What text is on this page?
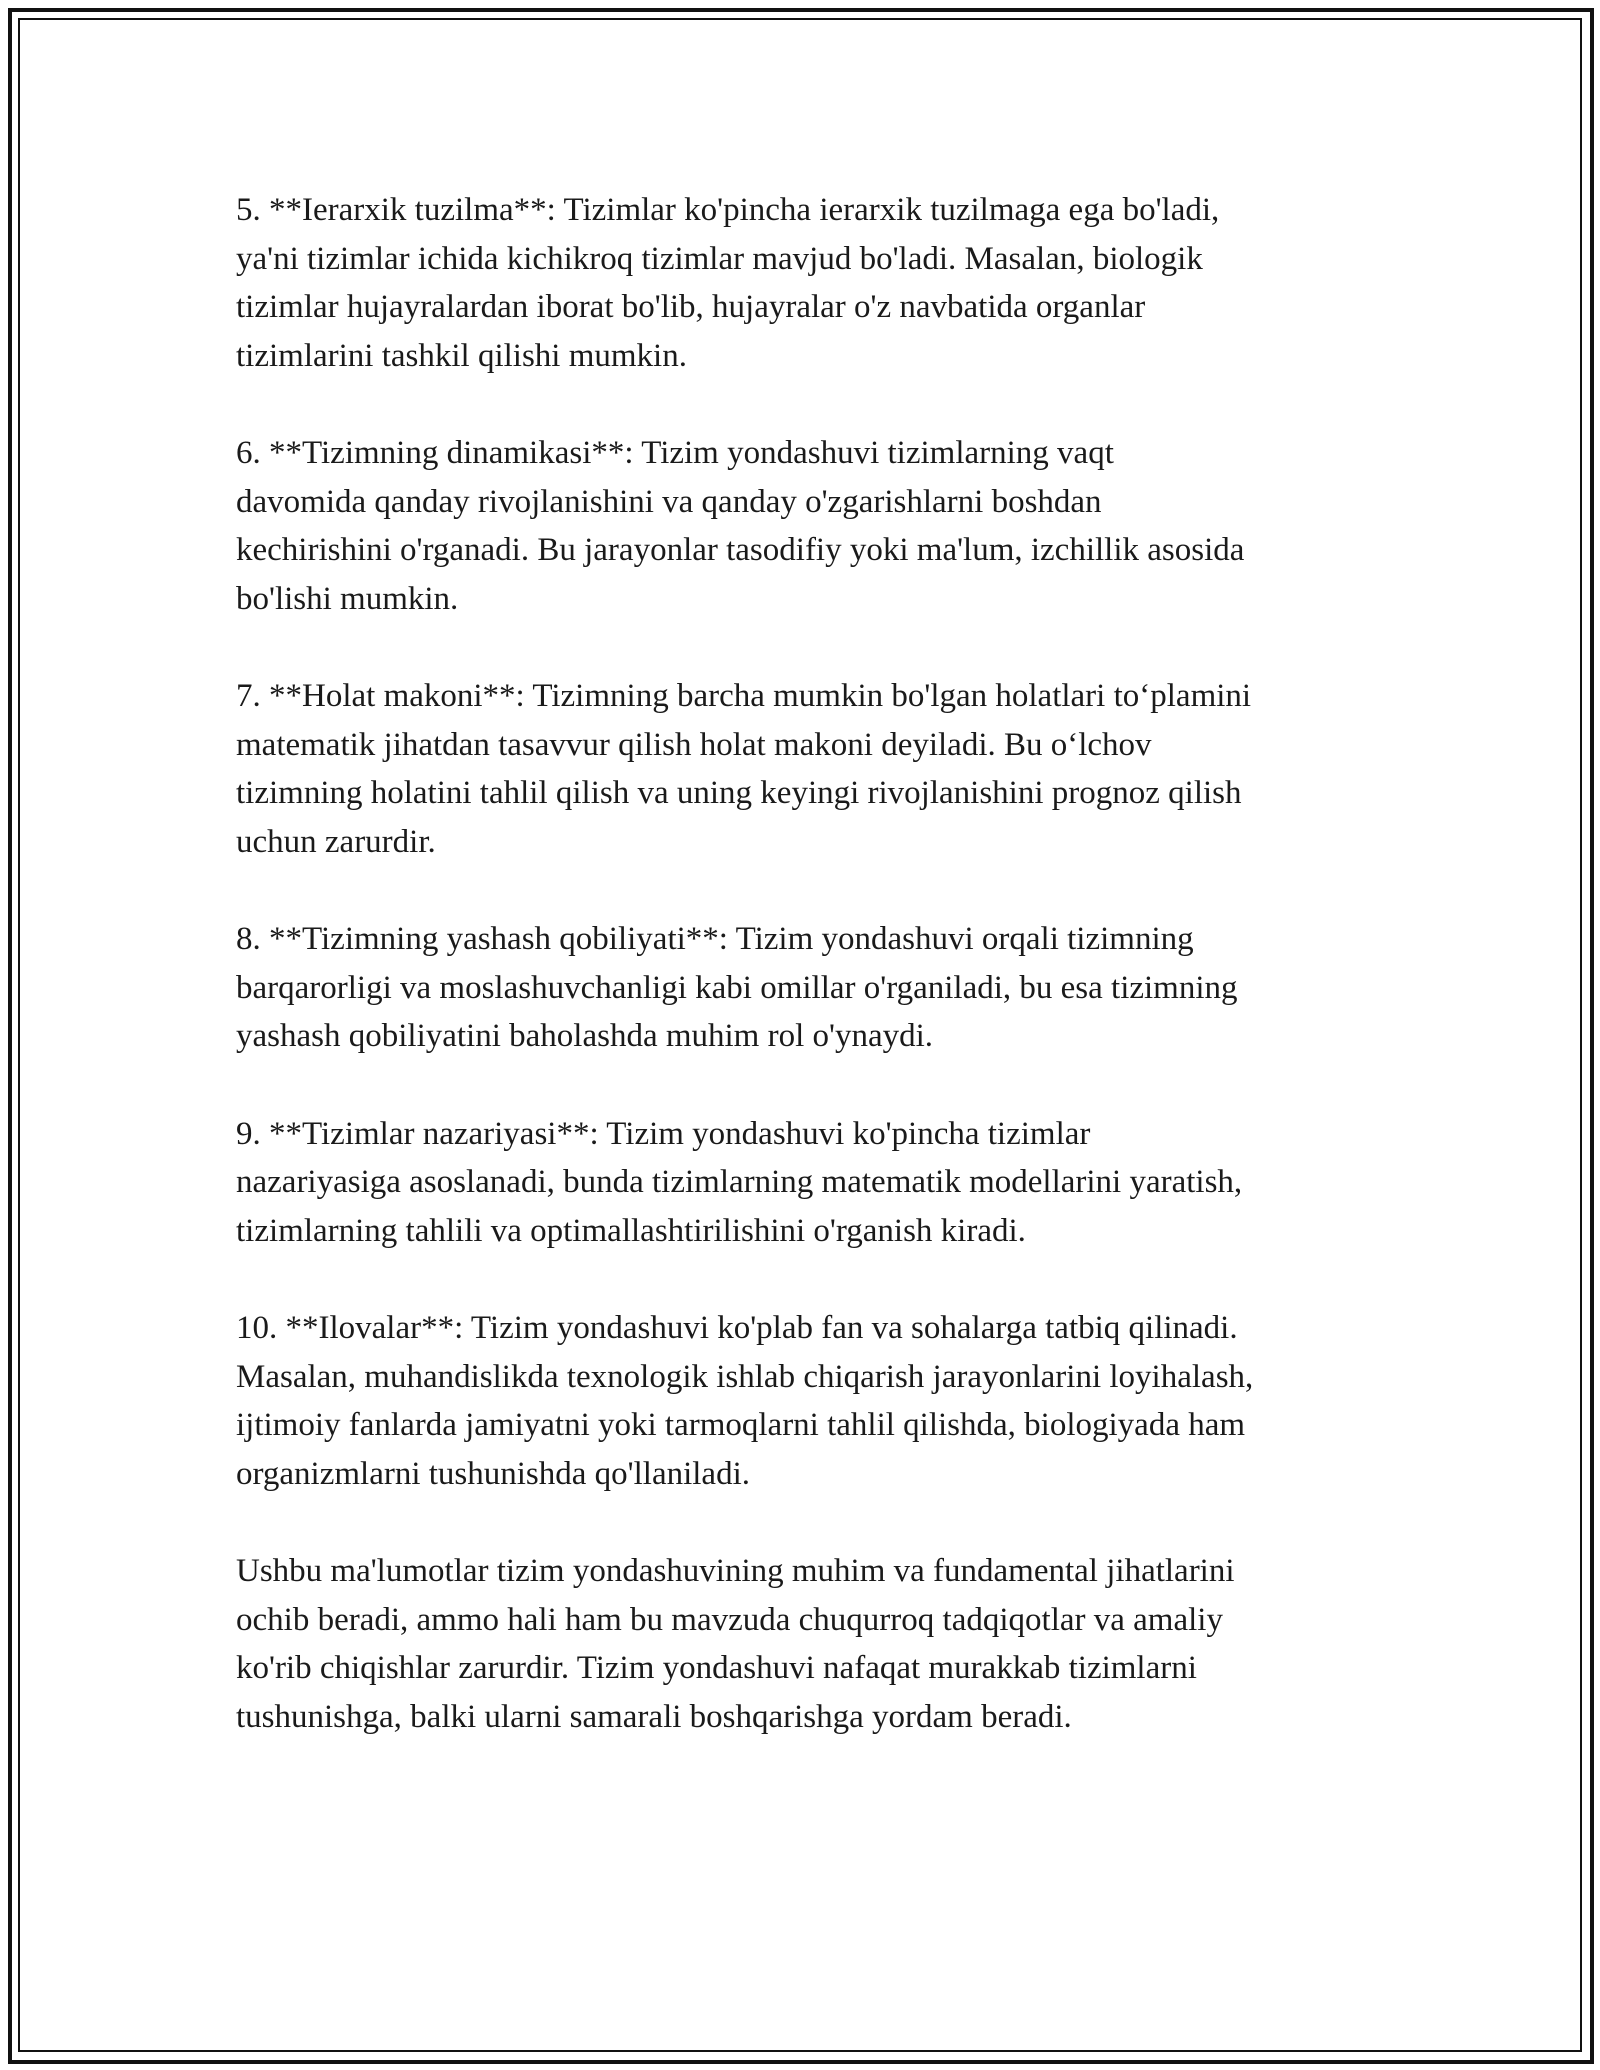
5. **Ierarxik tuzilma**: Tizimlar ko'pincha ierarxik tuzilmaga ega bo'ladi,
ya'ni tizimlar ichida kichikroq tizimlar mavjud bo'ladi. Masalan, biologik
tizimlar hujayralardan iborat bo'lib, hujayralar o'z navbatida organlar
tizimlarini tashkil qilishi mumkin.

6. **Tizimning dinamikasi**: Tizim yondashuvi tizimlarning vaqt
davomida qanday rivojlanishini va qanday o'zgarishlarni boshdan
kechirishini o'rganadi. Bu jarayonlar tasodifiy yoki ma'lum, izchillik asosida
bo'lishi mumkin.

7. **Holat makoni**: Tizimning barcha mumkin bo'lgan holatlari to‘plamini
matematik jihatdan tasavvur qilish holat makoni deyiladi. Bu o‘lchov
tizimning holatini tahlil qilish va uning keyingi rivojlanishini prognoz qilish
uchun zarurdir.

8. **Tizimning yashash qobiliyati**: Tizim yondashuvi orqali tizimning
barqarorligi va moslashuvchanligi kabi omillar o'rganiladi, bu esa tizimning
yashash qobiliyatini baholashda muhim rol o'ynaydi.

9. **Tizimlar nazariyasi**: Tizim yondashuvi ko'pincha tizimlar
nazariyasiga asoslanadi, bunda tizimlarning matematik modellarini yaratish,
tizimlarning tahlili va optimallashtirilishini o'rganish kiradi.

10. **Ilovalar**: Tizim yondashuvi ko'plab fan va sohalarga tatbiq qilinadi.
Masalan, muhandislikda texnologik ishlab chiqarish jarayonlarini loyihalash,
ijtimoiy fanlarda jamiyatni yoki tarmoqlarni tahlil qilishda, biologiyada ham
organizmlarni tushunishda qo'llaniladi.

Ushbu ma'lumotlar tizim yondashuvining muhim va fundamental jihatlarini
ochib beradi, ammo hali ham bu mavzuda chuqurroq tadqiqotlar va amaliy
ko'rib chiqishlar zarurdir. Tizim yondashuvi nafaqat murakkab tizimlarni
tushunishga, balki ularni samarali boshqarishga yordam beradi.
